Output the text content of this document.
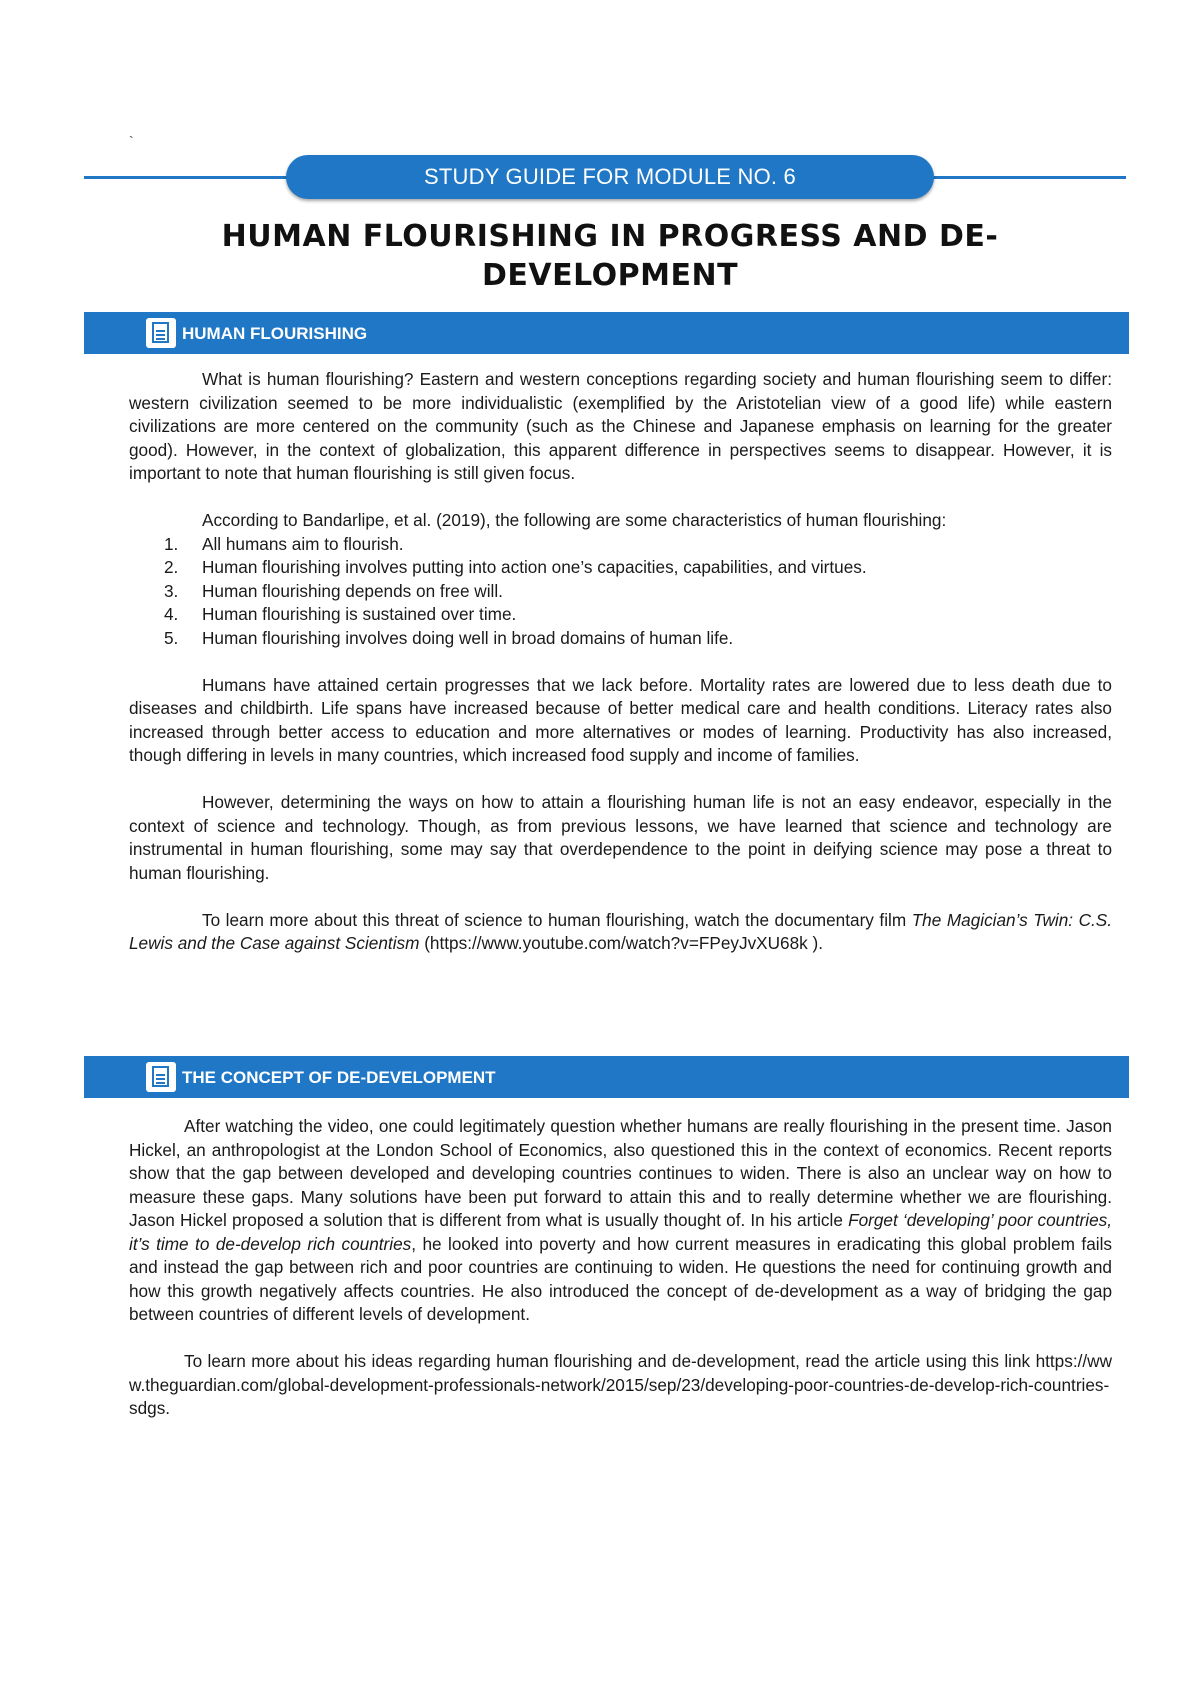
`
STUDY GUIDE FOR MODULE NO. 6
HUMAN FLOURISHING IN PROGRESS AND DE-DEVELOPMENT
HUMAN FLOURISHING

What is human flourishing? Eastern and western conceptions regarding society and human flourishing seem to differ: western civilization seemed to be more individualistic (exemplified by the Aristotelian view of a good life) while eastern civilizations are more centered on the community (such as the Chinese and Japanese emphasis on learning for the greater good). However, in the context of globalization, this apparent difference in perspectives seems to disappear. However, it is important to note that human flourishing is still given focus.

According to Bandarlipe, et al. (2019), the following are some characteristics of human flourishing:

1. All humans aim to flourish.
2. Human flourishing involves putting into action one’s capacities, capabilities, and virtues.
3. Human flourishing depends on free will.
4. Human flourishing is sustained over time.
5. Human flourishing involves doing well in broad domains of human life.

Humans have attained certain progresses that we lack before. Mortality rates are lowered due to less death due to diseases and childbirth. Life spans have increased because of better medical care and health conditions. Literacy rates also increased through better access to education and more alternatives or modes of learning. Productivity has also increased, though differing in levels in many countries, which increased food supply and income of families.

However, determining the ways on how to attain a flourishing human life is not an easy endeavor, especially in the context of science and technology. Though, as from previous lessons, we have learned that science and technology are instrumental in human flourishing, some may say that overdependence to the point in deifying science may pose a threat to human flourishing.

To learn more about this threat of science to human flourishing, watch the documentary film The Magician’s Twin: C.S. Lewis and the Case against Scientism (https://www.youtube.com/watch?v=FPeyJvXU68k ).

THE CONCEPT OF DE-DEVELOPMENT

After watching the video, one could legitimately question whether humans are really flourishing in the present time. Jason Hickel, an anthropologist at the London School of Economics, also questioned this in the context of economics. Recent reports show that the gap between developed and developing countries continues to widen. There is also an unclear way on how to measure these gaps. Many solutions have been put forward to attain this and to really determine whether we are flourishing. Jason Hickel proposed a solution that is different from what is usually thought of. In his article Forget ‘developing’ poor countries, it’s time to de-develop rich countries, he looked into poverty and how current measures in eradicating this global problem fails and instead the gap between rich and poor countries are continuing to widen. He questions the need for continuing growth and how this growth negatively affects countries. He also introduced the concept of de-development as a way of bridging the gap between countries of different levels of development.

To learn more about his ideas regarding human flourishing and de-development, read the article using this link https://www.theguardian.com/global-development-professionals-network/2015/sep/23/developing-poor-countries-de-develop-rich-countries-sdgs.
